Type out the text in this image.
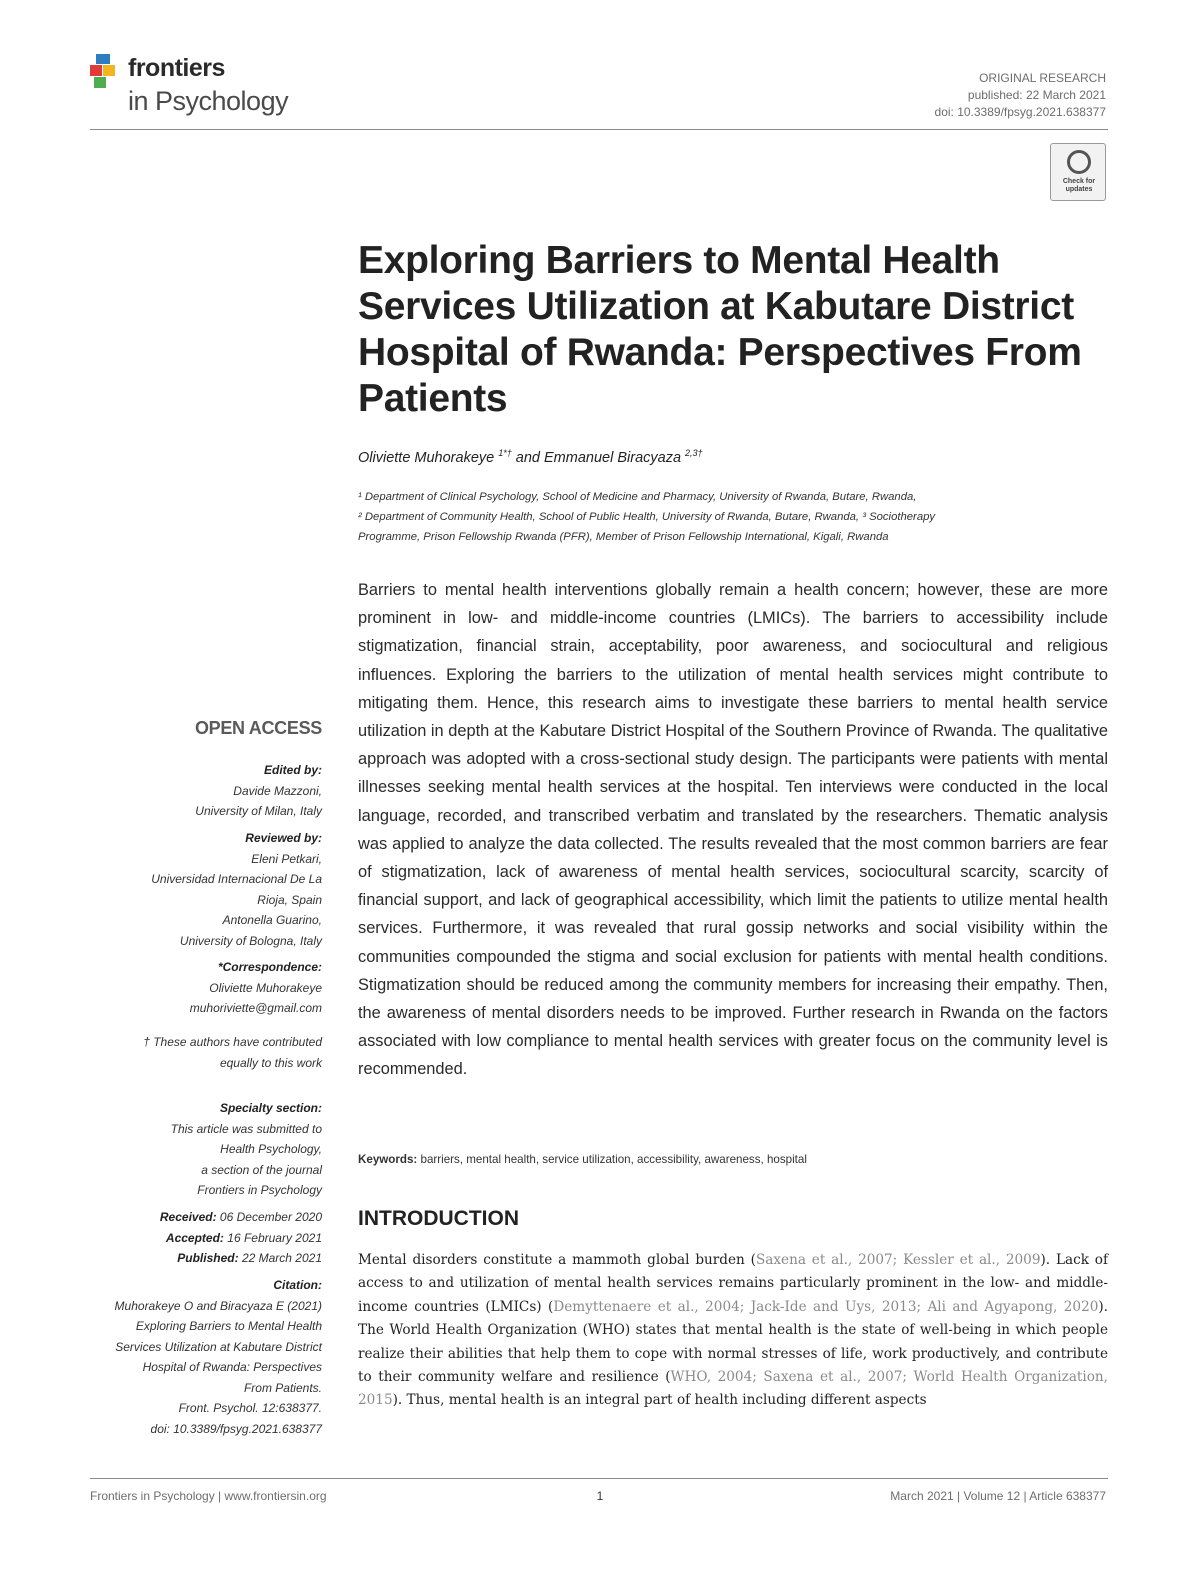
frontiers
in Psychology
ORIGINAL RESEARCH
published: 22 March 2021
doi: 10.3389/fpsyg.2021.638377
Check for updates
Exploring Barriers to Mental Health Services Utilization at Kabutare District Hospital of Rwanda: Perspectives From Patients
Oliviette Muhorakeye $^{1*\dagger}$ and Emmanuel Biracyaza $^{2,3\dagger}$
¹ Department of Clinical Psychology, School of Medicine and Pharmacy, University of Rwanda, Butare, Rwanda,
² Department of Community Health, School of Public Health, University of Rwanda, Butare, Rwanda, ³ Sociotherapy
Programme, Prison Fellowship Rwanda (PFR), Member of Prison Fellowship International, Kigali, Rwanda
Barriers to mental health interventions globally remain a health concern; however, these are more prominent in low- and middle-income countries (LMICs). The barriers to accessibility include stigmatization, financial strain, acceptability, poor awareness, and sociocultural and religious influences. Exploring the barriers to the utilization of mental health services might contribute to mitigating them. Hence, this research aims to investigate these barriers to mental health service utilization in depth at the Kabutare District Hospital of the Southern Province of Rwanda. The qualitative approach was adopted with a cross-sectional study design. The participants were patients with mental illnesses seeking mental health services at the hospital. Ten interviews were conducted in the local language, recorded, and transcribed verbatim and translated by the researchers. Thematic analysis was applied to analyze the data collected. The results revealed that the most common barriers are fear of stigmatization, lack of awareness of mental health services, sociocultural scarcity, scarcity of financial support, and lack of geographical accessibility, which limit the patients to utilize mental health services. Furthermore, it was revealed that rural gossip networks and social visibility within the communities compounded the stigma and social exclusion for patients with mental health conditions. Stigmatization should be reduced among the community members for increasing their empathy. Then, the awareness of mental disorders needs to be improved. Further research in Rwanda on the factors associated with low compliance to mental health services with greater focus on the community level is recommended.
Keywords: barriers, mental health, service utilization, accessibility, awareness, hospital
INTRODUCTION
Mental disorders constitute a mammoth global burden (Saxena et al., 2007; Kessler et al., 2009). Lack of access to and utilization of mental health services remains particularly prominent in the low- and middle-income countries (LMICs) (Demyttenaere et al., 2004; Jack-Ide and Uys, 2013; Ali and Agyapong, 2020). The World Health Organization (WHO) states that mental health is the state of well-being in which people realize their abilities that help them to cope with normal stresses of life, work productively, and contribute to their community welfare and resilience (WHO, 2004; Saxena et al., 2007; World Health Organization, 2015). Thus, mental health is an integral part of health including different aspects
OPEN ACCESS
Edited by:
Davide Mazzoni,
University of Milan, Italy
Reviewed by:
Eleni Petkari,
Universidad Internacional De La
Rioja, Spain
Antonella Guarino,
University of Bologna, Italy
*Correspondence:
Oliviette Muhorakeye
muhoriviette@gmail.com
† These authors have contributed
equally to this work
Specialty section:
This article was submitted to
Health Psychology,
a section of the journal
Frontiers in Psychology
Received: 06 December 2020
Accepted: 16 February 2021
Published: 22 March 2021
Citation:
Muhorakeye O and Biracyaza E (2021)
Exploring Barriers to Mental Health
Services Utilization at Kabutare District
Hospital of Rwanda: Perspectives
From Patients.
Front. Psychol. 12:638377.
doi: 10.3389/fpsyg.2021.638377
Frontiers in Psychology | www.frontiersin.org	1	March 2021 | Volume 12 | Article 638377
